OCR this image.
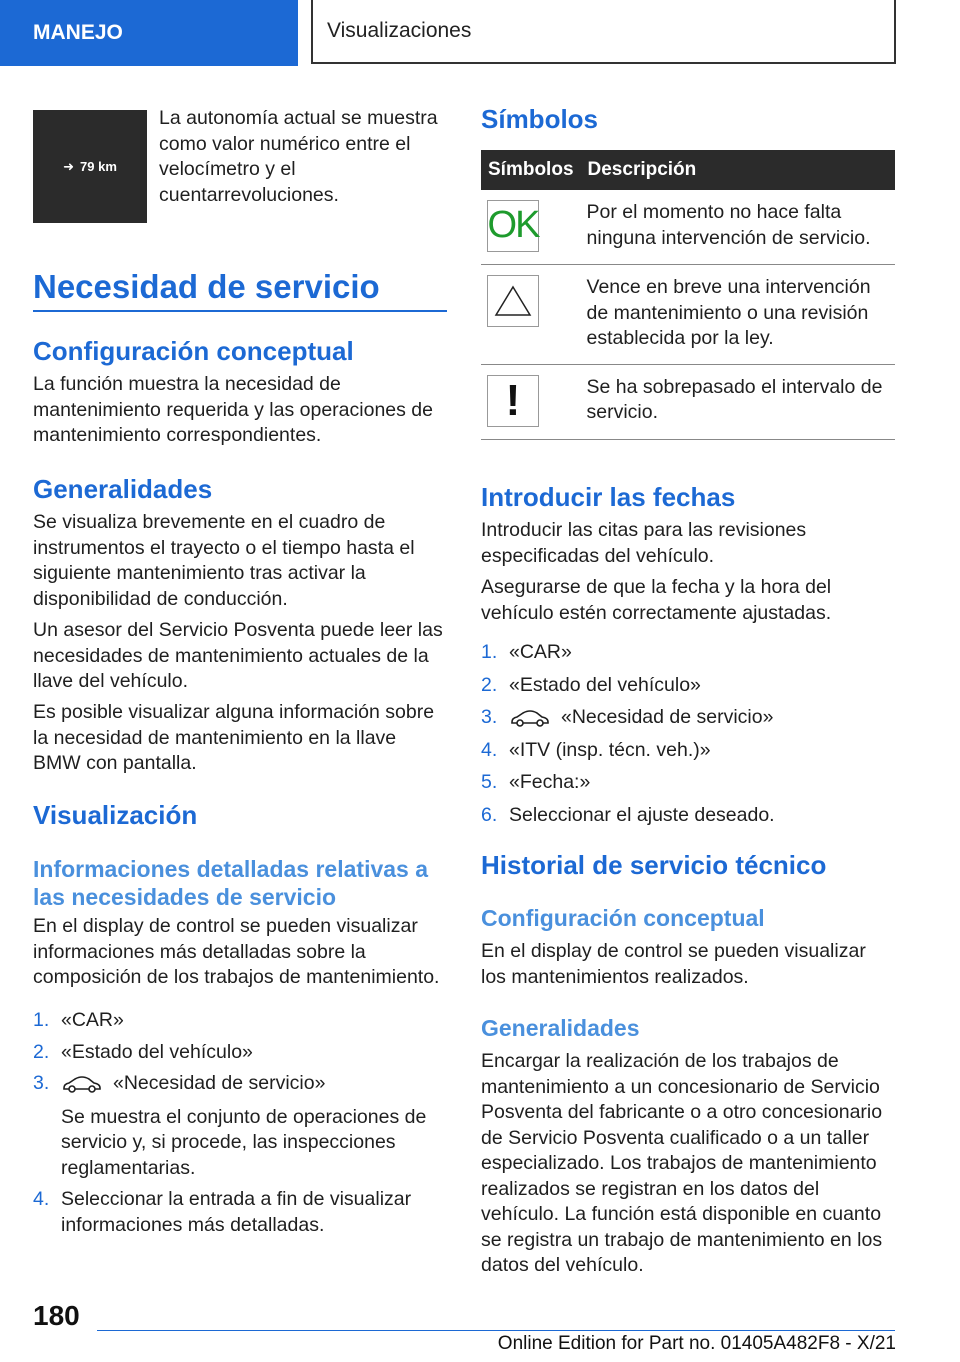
MANEJO	Visualizaciones
➜ 79 km

La autonomía actual se muestra como valor numérico entre el velocímetro y el cuentarrevoluciones.

Necesidad de servicio
Configuración conceptual

La función muestra la necesidad de mantenimiento requerida y las operaciones de mantenimiento correspondientes.

Generalidades

Se visualiza brevemente en el cuadro de instrumentos el trayecto o el tiempo hasta el siguiente mantenimiento tras activar la disponibilidad de conducción.

Un asesor del Servicio Posventa puede leer las necesidades de mantenimiento actuales de la llave del vehículo.

Es posible visualizar alguna información sobre la necesidad de mantenimiento en la llave BMW con pantalla.

Visualización
Informaciones detalladas relativas a las necesidades de servicio

En el display de control se pueden visualizar informaciones más detalladas sobre la composición de los trabajos de mantenimiento.

1. «CAR»
2. «Estado del vehículo»
3.	«Necesidad de servicio»
Se muestra el conjunto de operaciones de servicio y, si procede, las inspecciones reglamentarias.
4. Seleccionar la entrada a fin de visualizar informaciones más detalladas.
Símbolos
Símbolos	Descripción

OK	Por el momento no hace falta ninguna intervención de servicio.

	Vence en breve una intervención de mantenimiento o una revisión establecida por la ley.

!	Se ha sobrepasado el intervalo de servicio.
Introducir las fechas

Introducir las citas para las revisiones especificadas del vehículo.

Asegurarse de que la fecha y la hora del vehículo estén correctamente ajustadas.

1. «CAR»
2. «Estado del vehículo»
3.	«Necesidad de servicio»
4. «ITV (insp. técn. veh.)»
5. «Fecha:»
6. Seleccionar el ajuste deseado.
Historial de servicio técnico
Configuración conceptual

En el display de control se pueden visualizar los mantenimientos realizados.

Generalidades

Encargar la realización de los trabajos de mantenimiento a un concesionario de Servicio Posventa del fabricante o a otro concesionario de Servicio Posventa cualificado o a un taller especializado. Los trabajos de mantenimiento realizados se registran en los datos del vehículo. La función está disponible en cuanto se registra un trabajo de mantenimiento en los datos del vehículo.

180
Online Edition for Part no. 01405A482F8 - X/21
